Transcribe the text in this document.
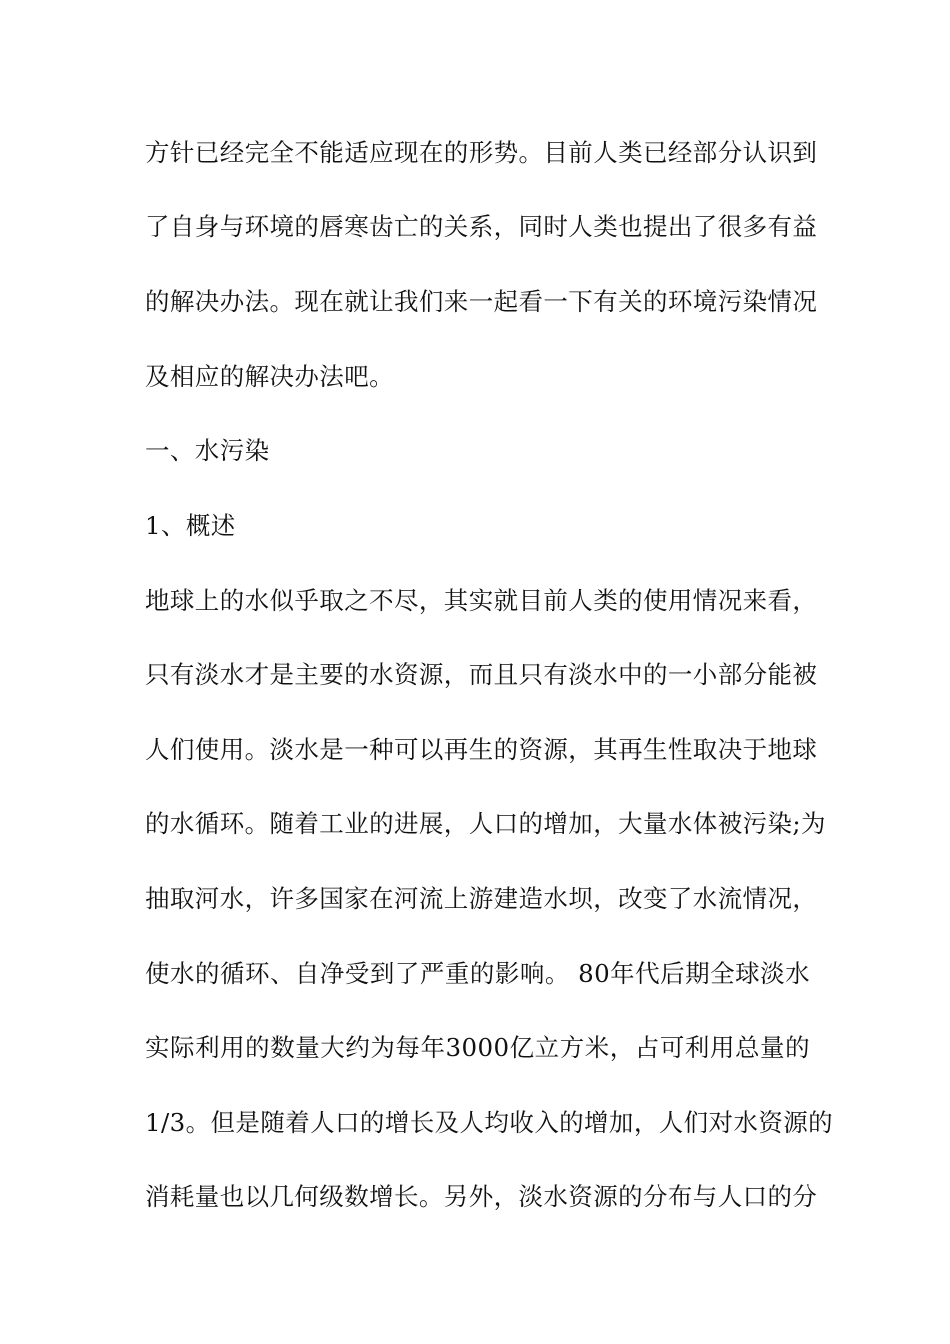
方针已经完全不能适应现在的形势。目前人类已经部分认识到
了自身与环境的唇寒齿亡的关系，同时人类也提出了很多有益
的解决办法。现在就让我们来一起看一下有关的环境污染情况
及相应的解决办法吧。
一、水污染
1、概述
地球上的水似乎取之不尽，其实就目前人类的使用情况来看，
只有淡水才是主要的水资源，而且只有淡水中的一小部分能被
人们使用。淡水是一种可以再生的资源，其再生性取决于地球
的水循环。随着工业的进展，人口的增加，大量水体被污染;为
抽取河水，许多国家在河流上游建造水坝，改变了水流情况，
使水的循环、自净受到了严重的影响。 80年代后期全球淡水
实际利用的数量大约为每年3000亿立方米，占可利用总量的
1/3。但是随着人口的增长及人均收入的增加，人们对水资源的
消耗量也以几何级数增长。另外，淡水资源的分布与人口的分
